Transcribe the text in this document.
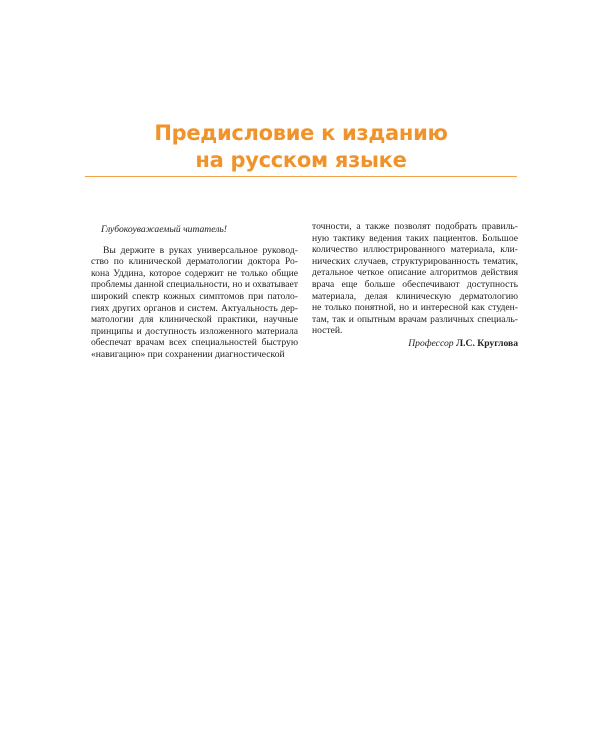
Предисловие к изданию
на русском языке
Глубокоуважаемый читатель!
Вы держите в руках универсальное руковод-
ство по клинической дерматологии доктора Ро-
кона Уддина, которое содержит не только общие
проблемы данной специальности, но и охватывает
широкий спектр кожных симптомов при патоло-
гиях других органов и систем. Актуальность дер-
матологии для клинической практики, научные
принципы и доступность изложенного материала
обеспечат врачам всех специальностей быструю
«навигацию» при сохранении диагностической
точности, а также позволят подобрать правиль-
ную тактику ведения таких пациентов. Большое
количество иллюстрированного материала, кли-
нических случаев, структурированность тематик,
детальное четкое описание алгоритмов действия
врача еще больше обеспечивают доступность
материала, делая клиническую дерматологию
не только понятной, но и интересной как студен-
там, так и опытным врачам различных специаль-
ностей.
Профессор Л.С. Круглова
